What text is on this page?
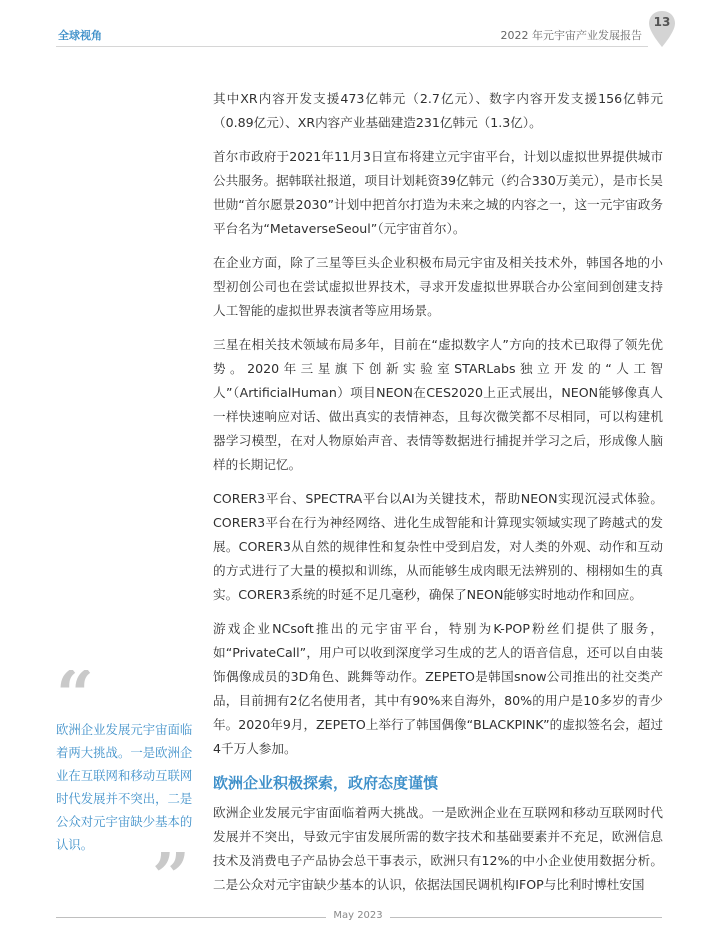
全球视角	2022 年元宇宙产业发展报告
13

其中XR内容开发支援473亿韩元（2.7亿元）、数字内容开发支援156亿韩元（0.89亿元）、XR内容产业基础建造231亿韩元（1.3亿）。

首尔市政府于2021年11月3日宣布将建立元宇宙平台，计划以虚拟世界提供城市公共服务。据韩联社报道，项目计划耗资39亿韩元（约合330万美元），是市长吴世勋“首尔愿景2030”计划中把首尔打造为未来之城的内容之一，这一元宇宙政务平台名为“MetaverseSeoul”（元宇宙首尔）。

在企业方面，除了三星等巨头企业积极布局元宇宙及相关技术外，韩国各地的小型初创公司也在尝试虚拟世界技术，寻求开发虚拟世界联合办公室间到创建支持人工智能的虚拟世界表演者等应用场景。

三星在相关技术领域布局多年，目前在“虚拟数字人”方向的技术已取得了领先优势。2020年三星旗下创新实验室STARLabs独立开发的“人工智人”（ArtificialHuman）项目NEON在CES2020上正式展出，NEON能够像真人一样快速响应对话、做出真实的表情神态，且每次微笑都不尽相同，可以构建机器学习模型，在对人物原始声音、表情等数据进行捕捉并学习之后，形成像人脑样的长期记忆。

CORER3平台、SPECTRA平台以AI为关键技术，帮助NEON实现沉浸式体验。CORER3平台在行为神经网络、进化生成智能和计算现实领域实现了跨越式的发展。CORER3从自然的规律性和复杂性中受到启发，对人类的外观、动作和互动的方式进行了大量的模拟和训练，从而能够生成肉眼无法辨别的、栩栩如生的真实。CORER3系统的时延不足几毫秒，确保了NEON能够实时地动作和回应。

游戏企业NCsoft推出的元宇宙平台，特别为K-POP粉丝们提供了服务，如“PrivateCall”，用户可以收到深度学习生成的艺人的语音信息，还可以自由装饰偶像成员的3D角色、跳舞等动作。ZEPETO是韩国snow公司推出的社交类产品，目前拥有2亿名使用者，其中有90%来自海外，80%的用户是10多岁的青少年。2020年9月，ZEPETO上举行了韩国偶像“BLACKPINK”的虚拟签名会，超过4千万人参加。

欧洲企业积极探索，政府态度谨慎

欧洲企业发展元宇宙面临着两大挑战。一是欧洲企业在互联网和移动互联网时代发展并不突出，导致元宇宙发展所需的数字技术和基础要素并不充足，欧洲信息技术及消费电子产品协会总干事表示，欧洲只有12%的中小企业使用数据分析。二是公众对元宇宙缺少基本的认识，依据法国民调机构IFOP与比利时博杜安国

“
欧洲企业发展元宇宙面临着两大挑战。一是欧洲企业在互联网和移动互联网时代发展并不突出，二是公众对元宇宙缺少基本的认识。 ”	May 2023
